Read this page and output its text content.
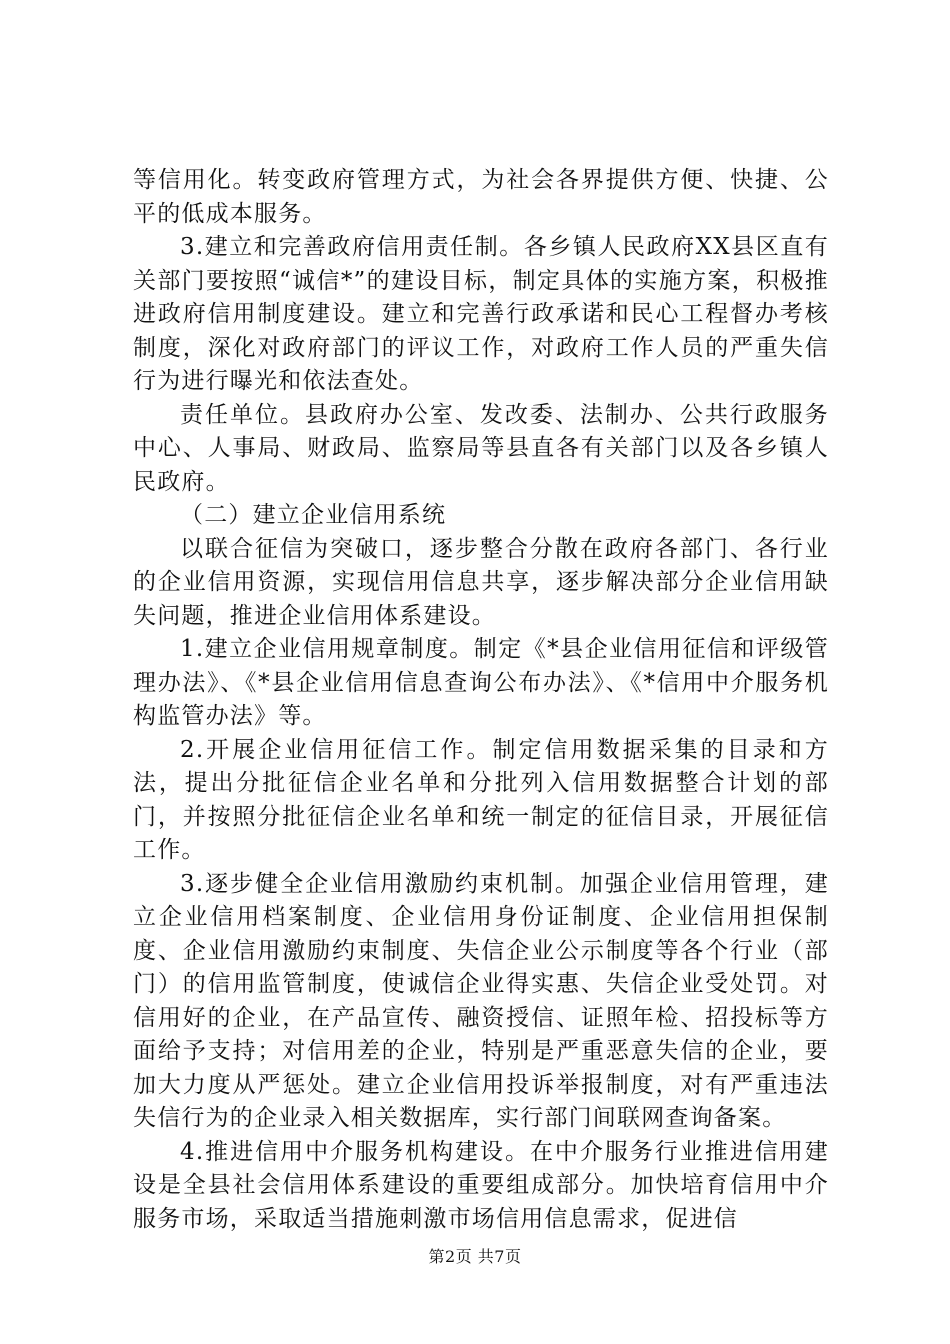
等信用化。转变政府管理方式，为社会各界提供方便、快捷、公平的低成本服务。

3.建立和完善政府信用责任制。各乡镇人民政府XX县区直有关部门要按照“诚信*”的建设目标，制定具体的实施方案，积极推进政府信用制度建设。建立和完善行政承诺和民心工程督办考核制度，深化对政府部门的评议工作，对政府工作人员的严重失信行为进行曝光和依法查处。

责任单位。县政府办公室、发改委、法制办、公共行政服务中心、人事局、财政局、监察局等县直各有关部门以及各乡镇人民政府。

（二）建立企业信用系统

以联合征信为突破口，逐步整合分散在政府各部门、各行业的企业信用资源，实现信用信息共享，逐步解决部分企业信用缺失问题，推进企业信用体系建设。

1.建立企业信用规章制度。制定《*县企业信用征信和评级管理办法》、《*县企业信用信息查询公布办法》、《*信用中介服务机构监管办法》等。

2.开展企业信用征信工作。制定信用数据采集的目录和方法，提出分批征信企业名单和分批列入信用数据整合计划的部门，并按照分批征信企业名单和统一制定的征信目录，开展征信工作。

3.逐步健全企业信用激励约束机制。加强企业信用管理，建立企业信用档案制度、企业信用身份证制度、企业信用担保制度、企业信用激励约束制度、失信企业公示制度等各个行业（部门）的信用监管制度，使诚信企业得实惠、失信企业受处罚。对信用好的企业，在产品宣传、融资授信、证照年检、招投标等方面给予支持；对信用差的企业，特别是严重恶意失信的企业，要加大力度从严惩处。建立企业信用投诉举报制度，对有严重违法失信行为的企业录入相关数据库，实行部门间联网查询备案。

4.推进信用中介服务机构建设。在中介服务行业推进信用建设是全县社会信用体系建设的重要组成部分。加快培育信用中介服务市场，采取适当措施刺激市场信用信息需求，促进信

第2页 共7页
